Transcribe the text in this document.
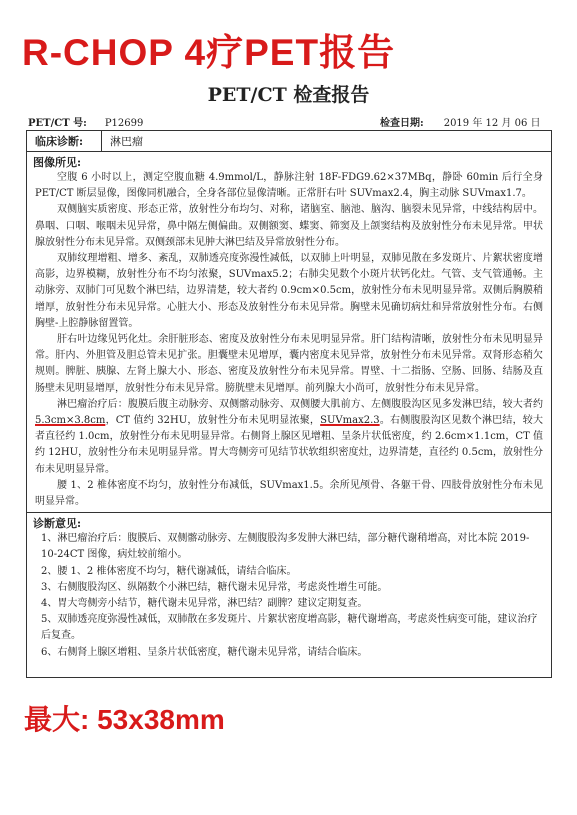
R-CHOP 4疗PET报告
PET/CT 检查报告
PET/CT 号: P12699	检查日期: 2019 年 12 月 06 日
临床诊断:	淋巴瘤
图像所见:

空腹 6 小时以上，测定空腹血糖 4.9mmol/L，静脉注射 18F-FDG9.62×37MBq，静卧 60min 后行全身 PET/CT 断层显像，图像同机融合，全身各部位显像清晰。正常肝右叶 SUVmax2.4，胸主动脉 SUVmax1.7。

双侧脑实质密度、形态正常，放射性分布均匀、对称，诸脑室、脑池、脑沟、脑裂未见异常，中线结构居中。鼻咽、口咽、喉咽未见异常，鼻中隔左侧偏曲。双侧额窦、蝶窦、筛窦及上颌窦结构及放射性分布未见异常。甲状腺放射性分布未见异常。双侧颈部未见肿大淋巴结及异常放射性分布。

双肺纹理增粗、增多、紊乱，双肺透亮度弥漫性减低，以双肺上叶明显，双肺见散在多发斑片、片絮状密度增高影，边界模糊，放射性分布不均匀浓聚，SUVmax5.2；右肺尖见数个小斑片状钙化灶。气管、支气管通畅。主动脉旁、双肺门可见数个淋巴结，边界清楚，较大者约 0.9cm×0.5cm，放射性分布未见明显异常。双侧后胸膜稍增厚，放射性分布未见异常。心脏大小、形态及放射性分布未见异常。胸壁未见确切病灶和异常放射性分布。右侧胸壁-上腔静脉留置管。

肝右叶边缘见钙化灶。余肝脏形态、密度及放射性分布未见明显异常。肝门结构清晰，放射性分布未见明显异常。肝内、外胆管及胆总管未见扩张。胆囊壁未见增厚，囊内密度未见异常，放射性分布未见异常。双肾形态稍欠规则。脾脏、胰腺、左肾上腺大小、形态、密度及放射性分布未见异常。胃壁、十二指肠、空肠、回肠、结肠及直肠壁未见明显增厚，放射性分布未见异常。膀胱壁未见增厚。前列腺大小尚可，放射性分布未见异常。

淋巴瘤治疗后：腹膜后腹主动脉旁、双侧髂动脉旁、双侧腰大肌前方、左侧腹股沟区见多发淋巴结，较大者约5.3cm×3.8cm，CT 值约 32HU，放射性分布未见明显浓聚，SUVmax2.3。右侧腹股沟区见数个淋巴结，较大者直径约 1.0cm，放射性分布未见明显异常。右侧肾上腺区见增粗、呈条片状低密度，约 2.6cm×1.1cm，CT 值约 12HU，放射性分布未见明显异常。胃大弯侧旁可见结节状软组织密度灶，边界清楚，直径约 0.5cm，放射性分布未见明显异常。

腰 1、2 椎体密度不均匀，放射性分布减低，SUVmax1.5。余所见颅骨、各躯干骨、四肢骨放射性分布未见明显异常。

诊断意见:

1、淋巴瘤治疗后：腹膜后、双侧髂动脉旁、左侧腹股沟多发肿大淋巴结，部分糖代谢稍增高，对比本院 2019-10-24CT 图像，病灶较前缩小。

2、腰 1、2 椎体密度不均匀，糖代谢减低，请结合临床。

3、右侧腹股沟区、纵隔数个小淋巴结，糖代谢未见异常，考虑炎性增生可能。

4、胃大弯侧旁小结节，糖代谢未见异常，淋巴结？副脾？建议定期复查。

5、双肺透亮度弥漫性减低，双肺散在多发斑片、片絮状密度增高影，糖代谢增高，考虑炎性病变可能，建议治疗后复查。

6、右侧肾上腺区增粗、呈条片状低密度，糖代谢未见异常，请结合临床。

最大: 53x38mm
